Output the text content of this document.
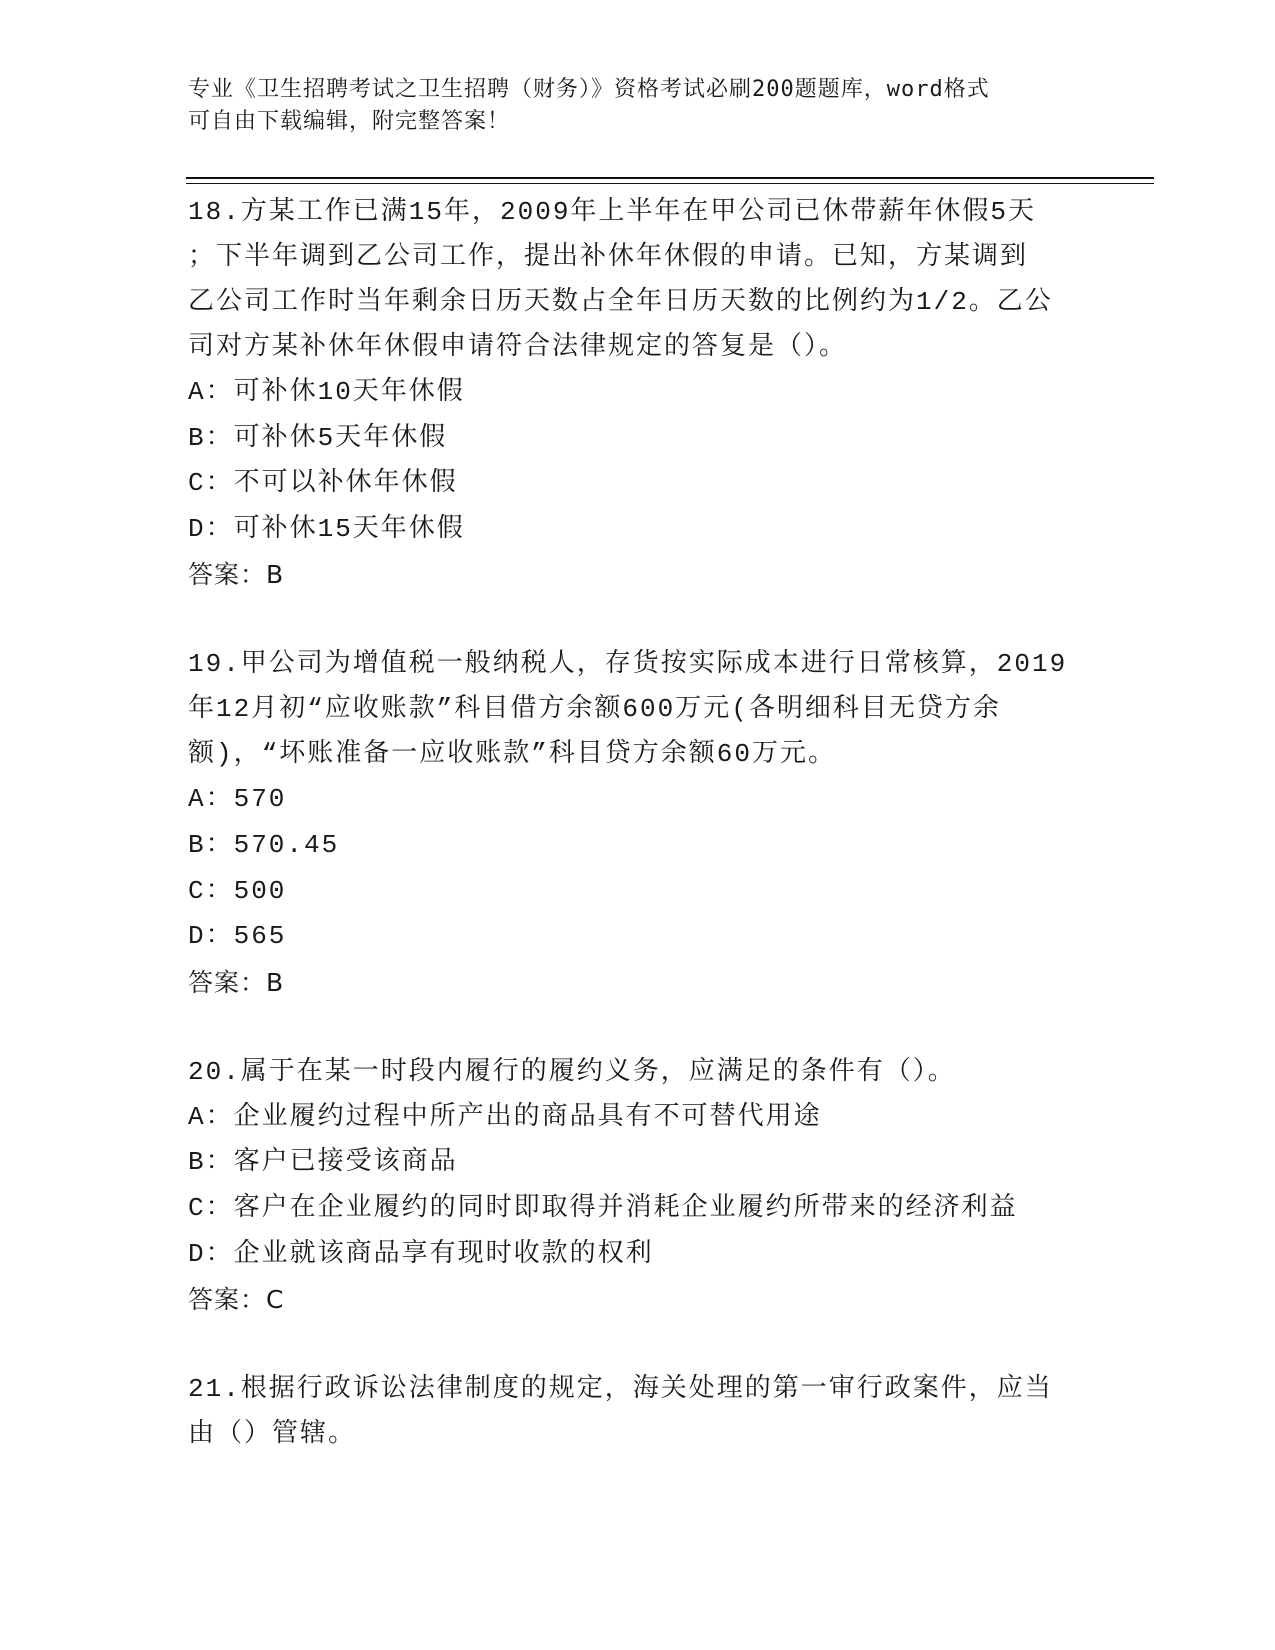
专业《卫生招聘考试之卫生招聘（财务）》资格考试必刷200题题库，word格式
可自由下载编辑，附完整答案！
18.方某工作已满15年，2009年上半年在甲公司已休带薪年休假5天
；下半年调到乙公司工作，提出补休年休假的申请。已知，方某调到
乙公司工作时当年剩余日历天数占全年日历天数的比例约为1/2。乙公
司对方某补休年休假申请符合法律规定的答复是（）。
A：可补休10天年休假
B：可补休5天年休假
C：不可以补休年休假
D：可补休15天年休假
答案：B
19.甲公司为增值税一般纳税人，存货按实际成本进行日常核算，2019
年12月初“应收账款”科目借方余额600万元(各明细科目无贷方余
额)，“坏账准备一应收账款”科目贷方余额60万元。
A：570
B：570.45
C：500
D：565
答案：B
20.属于在某一时段内履行的履约义务，应满足的条件有（）。
A：企业履约过程中所产出的商品具有不可替代用途
B：客户已接受该商品
C：客户在企业履约的同时即取得并消耗企业履约所带来的经济利益
D：企业就该商品享有现时收款的权利
答案：C
21.根据行政诉讼法律制度的规定，海关处理的第一审行政案件，应当
由（）管辖。
